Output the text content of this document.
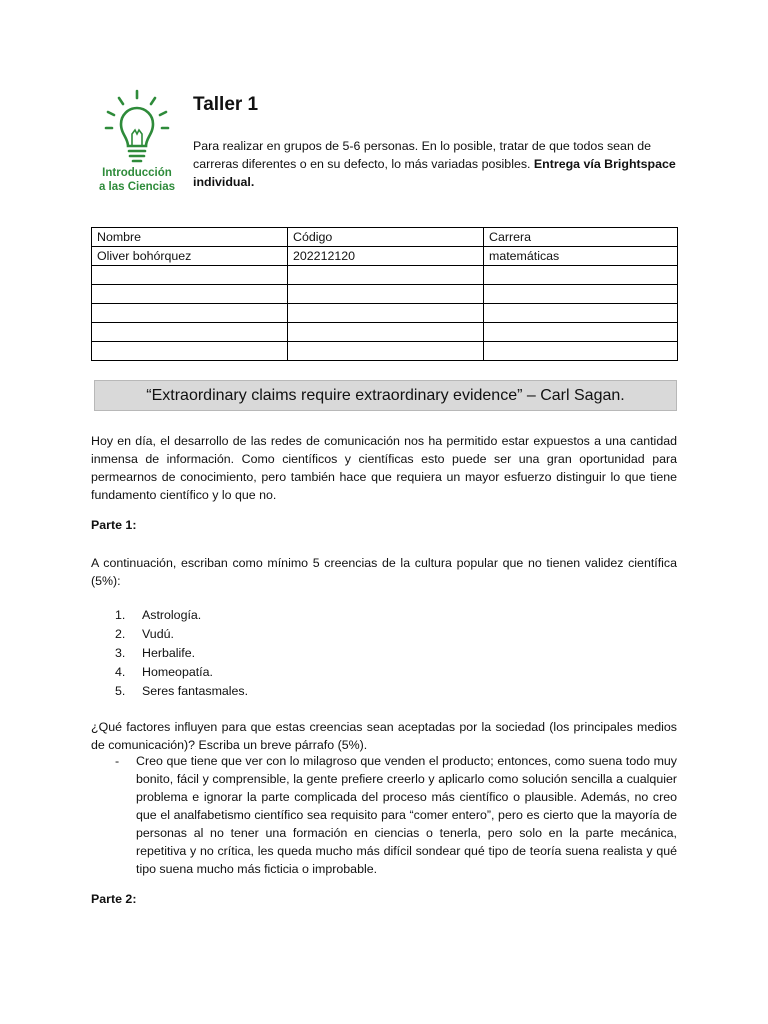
Introducción
a las Ciencias
Taller 1
Para realizar en grupos de 5-6 personas. En lo posible, tratar de que todos sean de carreras diferentes o en su defecto, lo más variadas posibles. Entrega vía Brightspace individual.
Nombre	Código	Carrera
Oliver bohórquez	202212120	matemáticas

“Extraordinary claims require extraordinary evidence” – Carl Sagan.
Hoy en día, el desarrollo de las redes de comunicación nos ha permitido estar expuestos a una cantidad inmensa de información. Como científicos y científicas esto puede ser una gran oportunidad para permearnos de conocimiento, pero también hace que requiera un mayor esfuerzo distinguir lo que tiene fundamento científico y lo que no.
Parte 1:
A continuación, escriban como mínimo 5 creencias de la cultura popular que no tienen validez científica (5%):
1. Astrología.
2. Vudú.
3. Herbalife.
4. Homeopatía.
5. Seres fantasmales.
¿Qué factores influyen para que estas creencias sean aceptadas por la sociedad (los principales medios de comunicación)? Escriba un breve párrafo (5%).
- Creo que tiene que ver con lo milagroso que venden el producto; entonces, como suena todo muy bonito, fácil y comprensible, la gente prefiere creerlo y aplicarlo como solución sencilla a cualquier problema e ignorar la parte complicada del proceso más científico o plausible. Además, no creo que el analfabetismo científico sea requisito para “comer entero”, pero es cierto que la mayoría de personas al no tener una formación en ciencias o tenerla, pero solo en la parte mecánica, repetitiva y no crítica, les queda mucho más difícil sondear qué tipo de teoría suena realista y qué tipo suena mucho más ficticia o improbable.
Parte 2:
